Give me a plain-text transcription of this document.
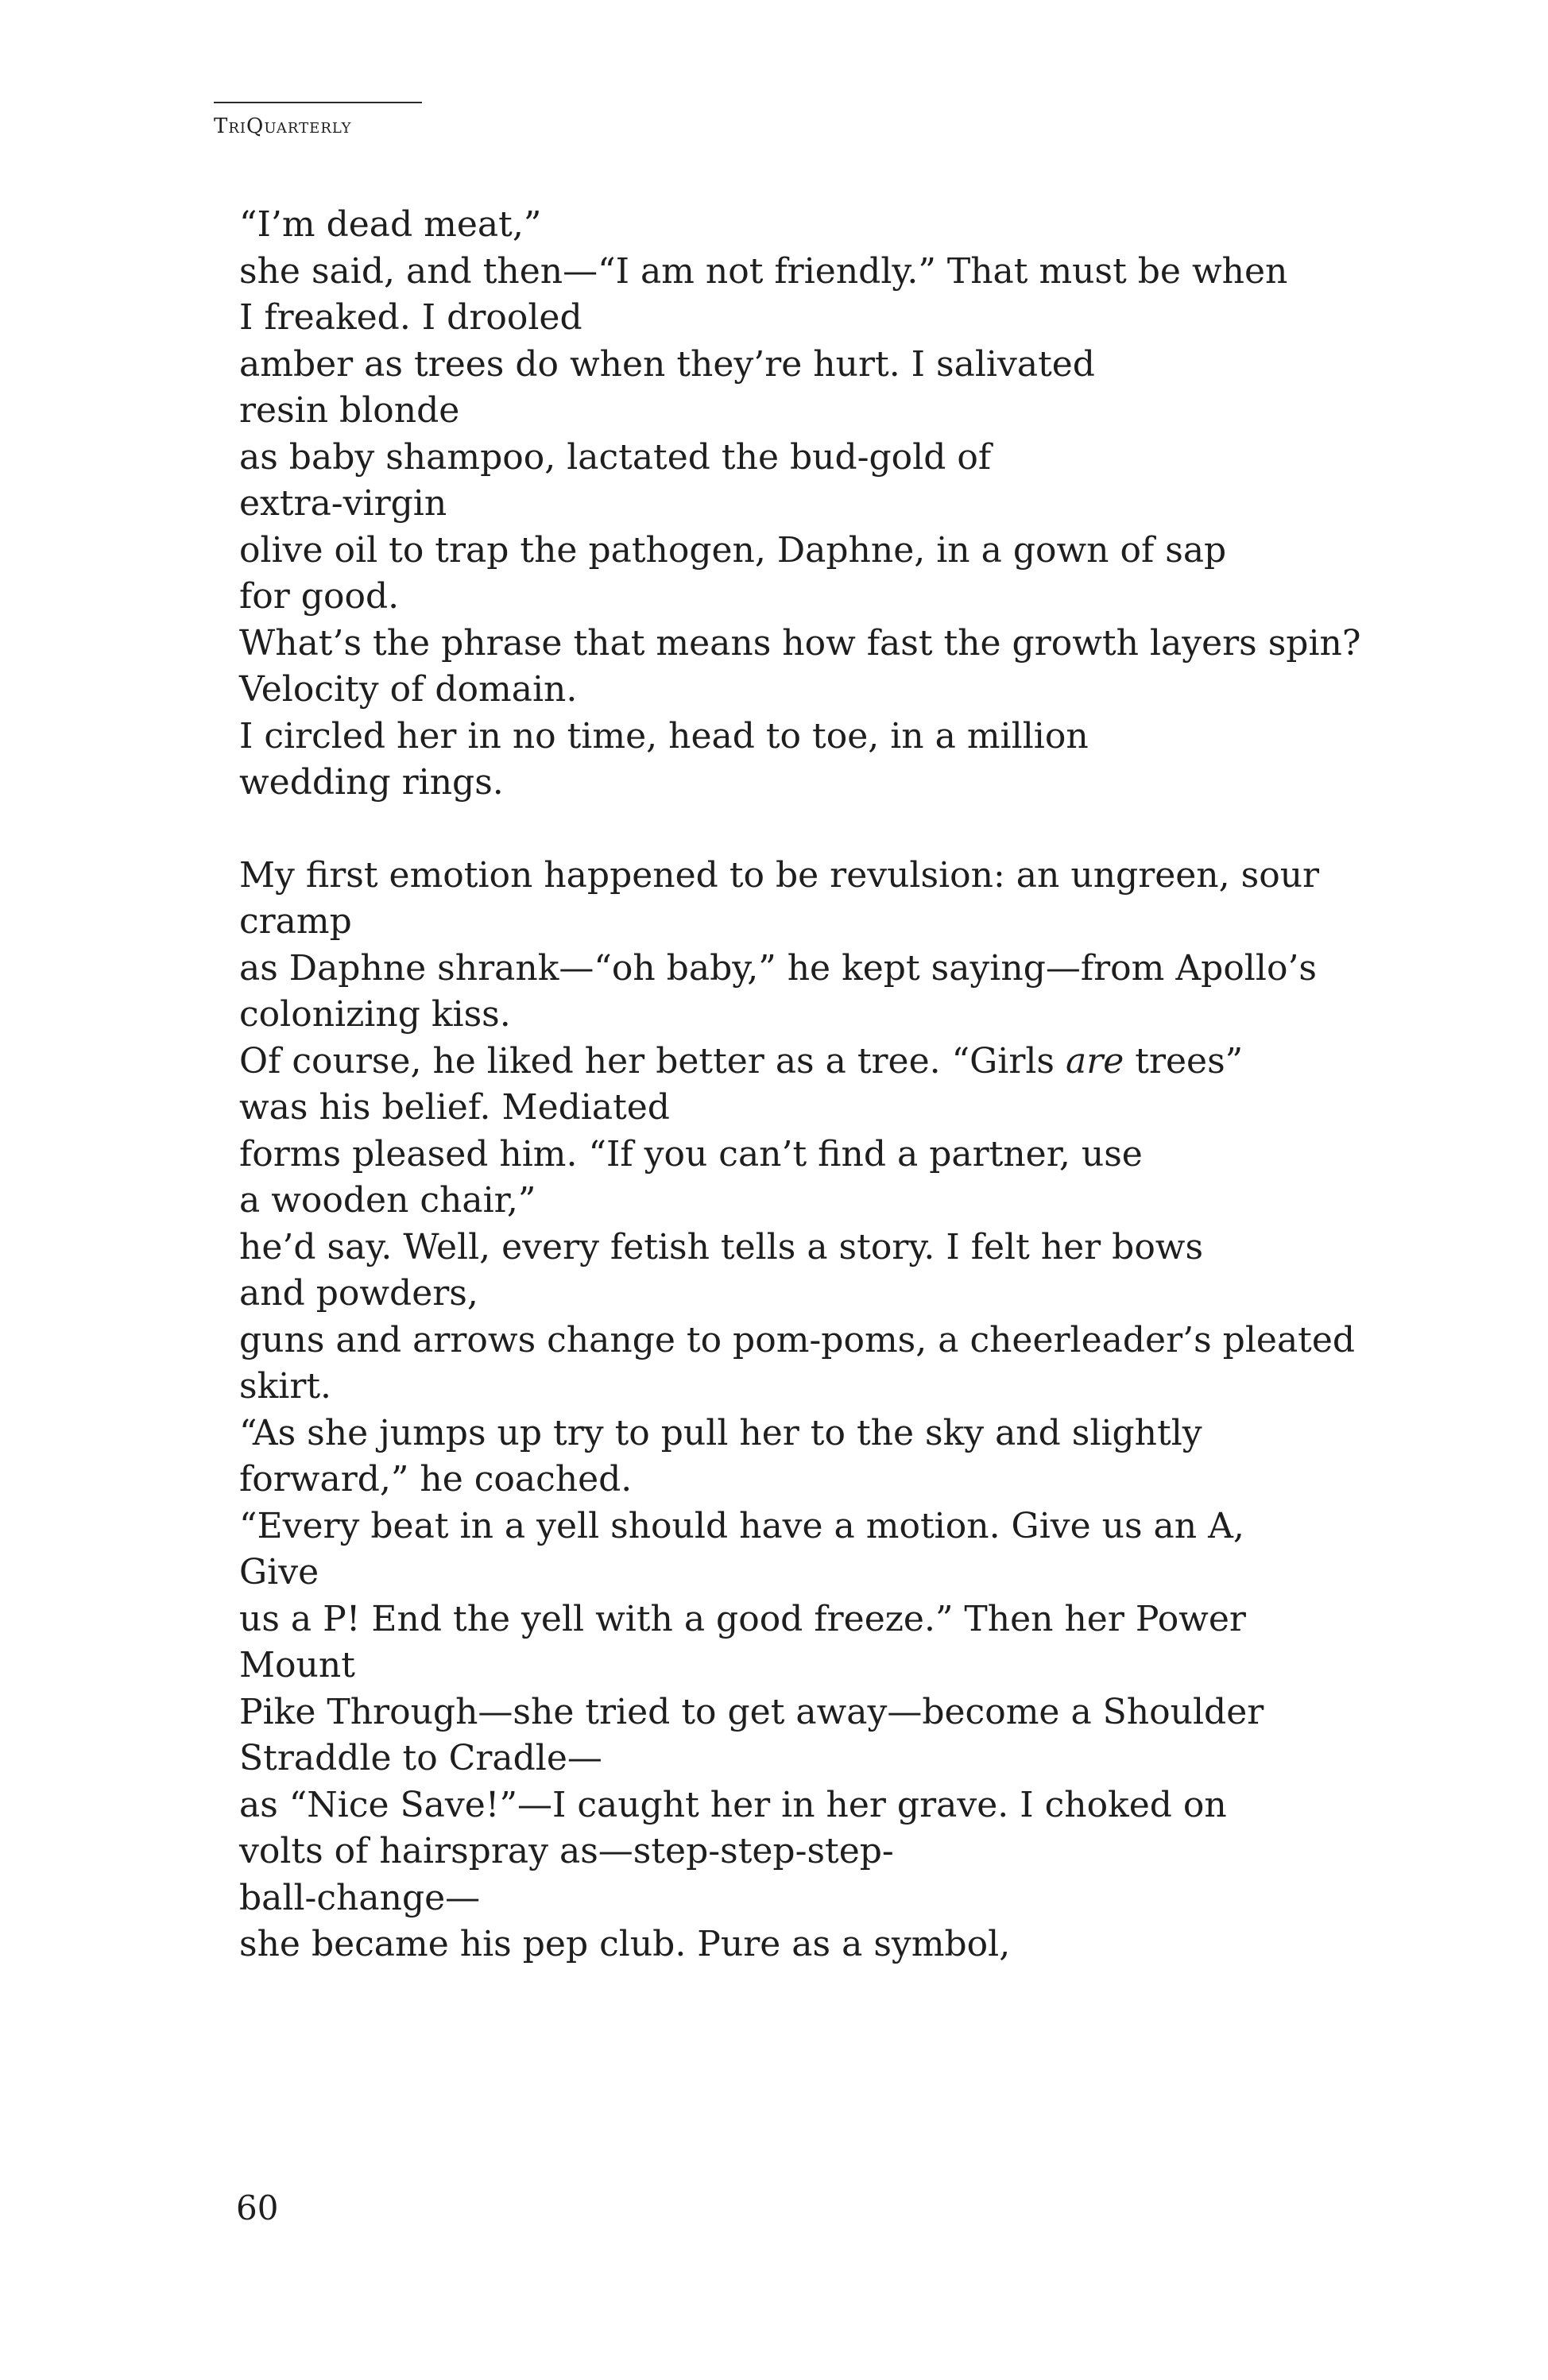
TriQuarterly
“I’m dead meat,”
she said, and then—“I am not friendly.” That must be when
I freaked. I drooled
amber as trees do when they’re hurt. I salivated
resin blonde
as baby shampoo, lactated the bud-gold of
extra-virgin
olive oil to trap the pathogen, Daphne, in a gown of sap
for good.
What’s the phrase that means how fast the growth layers spin?
Velocity of domain.
I circled her in no time, head to toe, in a million
wedding rings.
My first emotion happened to be revulsion: an ungreen, sour
cramp
as Daphne shrank—“oh baby,” he kept saying—from Apollo’s
colonizing kiss.
Of course, he liked her better as a tree. “Girls are trees”
was his belief. Mediated
forms pleased him. “If you can’t find a partner, use
a wooden chair,”
he’d say. Well, every fetish tells a story. I felt her bows
and powders,
guns and arrows change to pom-poms, a cheerleader’s pleated
skirt.
“As she jumps up try to pull her to the sky and slightly
forward,” he coached.
“Every beat in a yell should have a motion. Give us an A,
Give
us a P! End the yell with a good freeze.” Then her Power
Mount
Pike Through—she tried to get away—become a Shoulder
Straddle to Cradle—
as “Nice Save!”—I caught her in her grave. I choked on
volts of hairspray as—step-step-step-
ball-change—
she became his pep club. Pure as a symbol,
60
